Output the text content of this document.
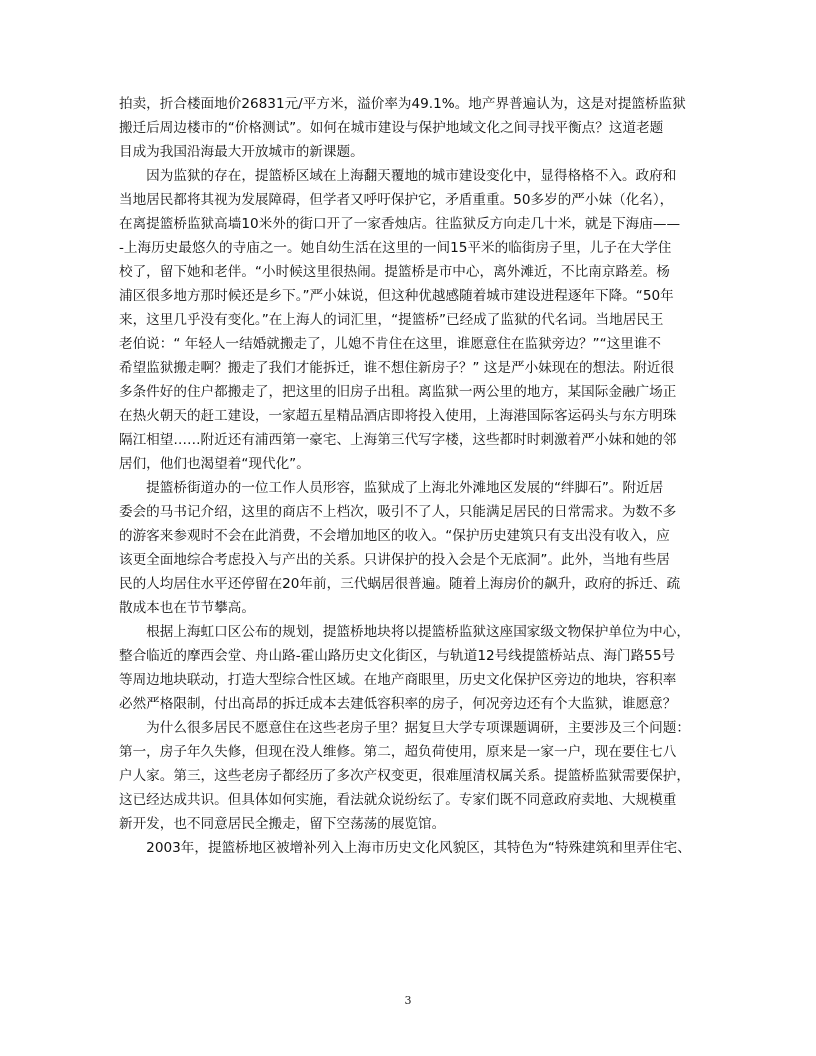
拍卖，折合楼面地价26831元/平方米，溢价率为49.1%。地产界普遍认为，这是对提篮桥监狱
搬迁后周边楼市的“价格测试”。如何在城市建设与保护地域文化之间寻找平衡点？这道老题
目成为我国沿海最大开放城市的新课题。
　　因为监狱的存在，提篮桥区域在上海翻天覆地的城市建设变化中，显得格格不入。政府和
当地居民都将其视为发展障碍，但学者又呼吁保护它，矛盾重重。50多岁的严小妹（化名），
在离提篮桥监狱高墙10米外的街口开了一家香烛店。往监狱反方向走几十米，就是下海庙——
-上海历史最悠久的寺庙之一。她自幼生活在这里的一间15平米的临街房子里，儿子在大学住
校了，留下她和老伴。“小时候这里很热闹。提篮桥是市中心，离外滩近，不比南京路差。杨
浦区很多地方那时候还是乡下。”严小妹说，但这种优越感随着城市建设进程逐年下降。“50年
来，这里几乎没有变化。”在上海人的词汇里，“提篮桥”已经成了监狱的代名词。当地居民王
老伯说：“ 年轻人一结婚就搬走了，儿媳不肯住在这里，谁愿意住在监狱旁边？”“这里谁不
希望监狱搬走啊？搬走了我们才能拆迁，谁不想住新房子？” 这是严小妹现在的想法。附近很
多条件好的住户都搬走了，把这里的旧房子出租。离监狱一两公里的地方，某国际金融广场正
在热火朝天的赶工建设，一家超五星精品酒店即将投入使用，上海港国际客运码头与东方明珠
隔江相望……附近还有浦西第一豪宅、上海第三代写字楼，这些都时时刺激着严小妹和她的邻
居们，他们也渴望着“现代化”。
　　提篮桥街道办的一位工作人员形容，监狱成了上海北外滩地区发展的“绊脚石”。附近居
委会的马书记介绍，这里的商店不上档次，吸引不了人，只能满足居民的日常需求。为数不多
的游客来参观时不会在此消费，不会增加地区的收入。“保护历史建筑只有支出没有收入，应
该更全面地综合考虑投入与产出的关系。只讲保护的投入会是个无底洞”。此外，当地有些居
民的人均居住水平还停留在20年前，三代蜗居很普遍。随着上海房价的飙升，政府的拆迁、疏
散成本也在节节攀高。
　　根据上海虹口区公布的规划，提篮桥地块将以提篮桥监狱这座国家级文物保护单位为中心，
整合临近的摩西会堂、舟山路-霍山路历史文化街区，与轨道12号线提篮桥站点、海门路55号
等周边地块联动，打造大型综合性区域。在地产商眼里，历史文化保护区旁边的地块，容积率
必然严格限制，付出高昂的拆迁成本去建低容积率的房子，何况旁边还有个大监狱，谁愿意？
　　为什么很多居民不愿意住在这些老房子里？据复旦大学专项课题调研，主要涉及三个问题：
第一，房子年久失修，但现在没人维修。第二，超负荷使用，原来是一家一户，现在要住七八
户人家。第三，这些老房子都经历了多次产权变更，很难厘清权属关系。提篮桥监狱需要保护，
这已经达成共识。但具体如何实施，看法就众说纷纭了。专家们既不同意政府卖地、大规模重
新开发，也不同意居民全搬走，留下空荡荡的展览馆。
　　2003年，提篮桥地区被增补列入上海市历史文化风貌区，其特色为“特殊建筑和里弄住宅、
3
